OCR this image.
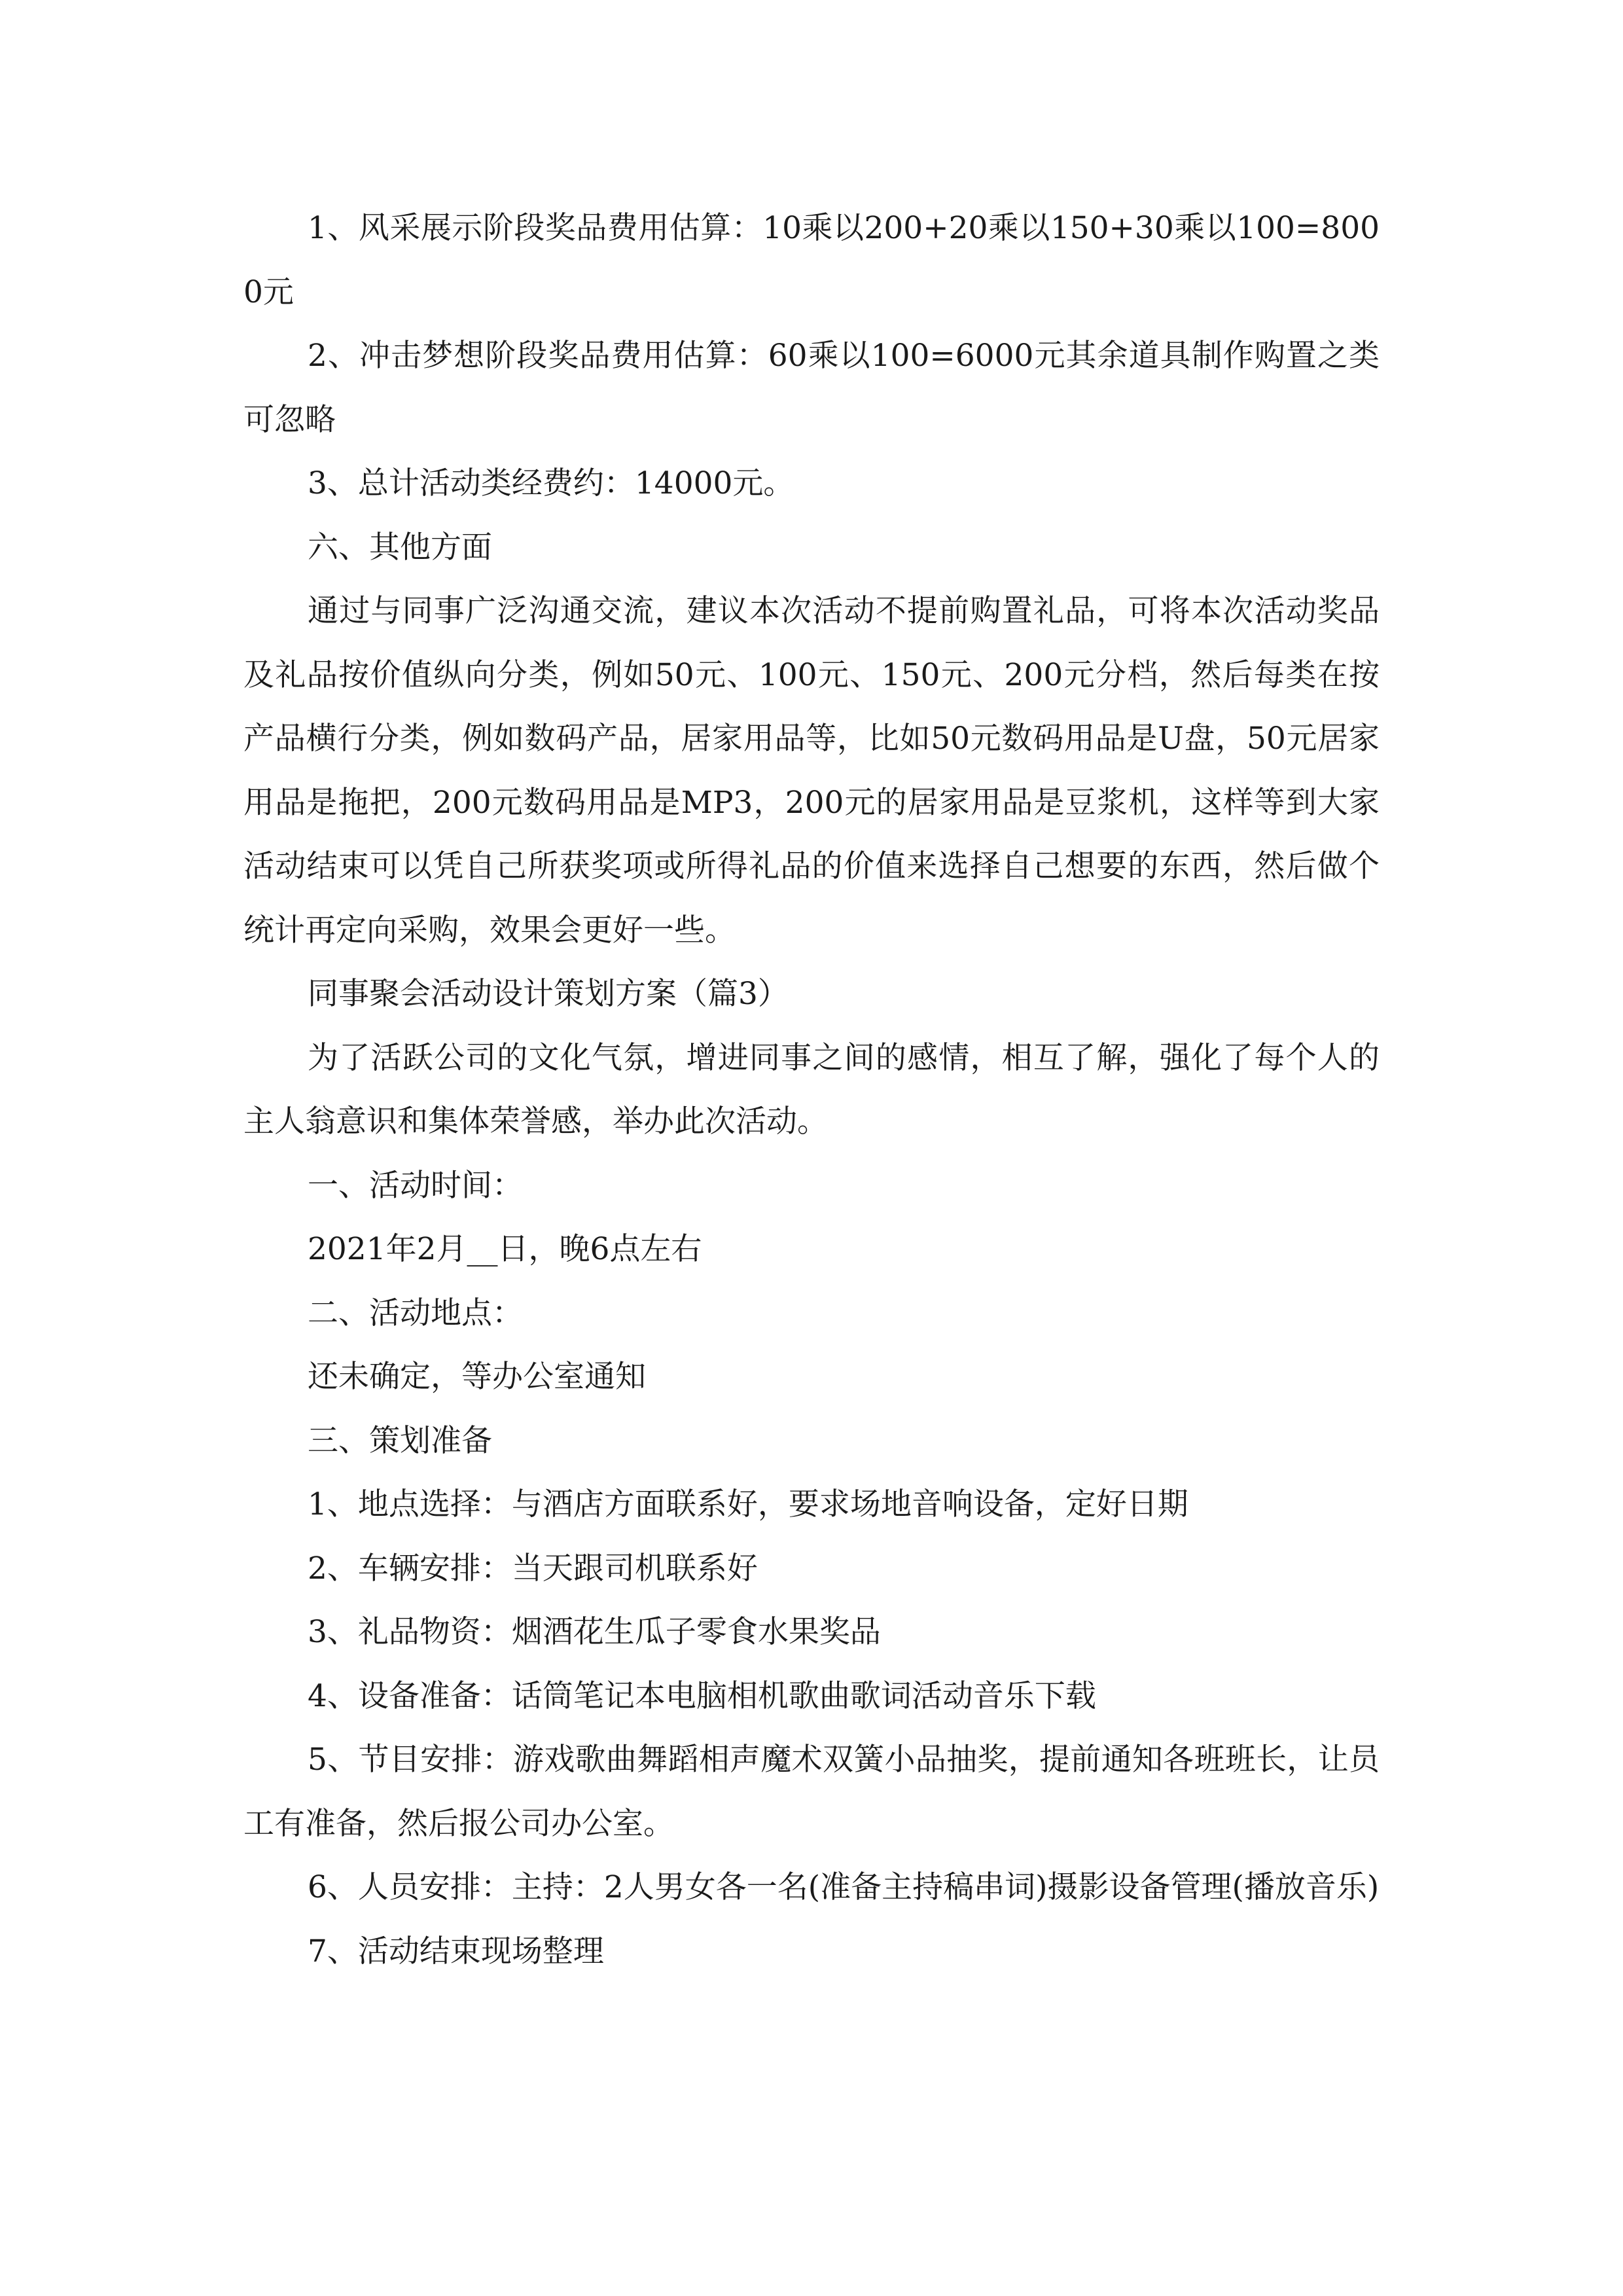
1、风采展示阶段奖品费用估算：10乘以200+20乘以150+30乘以100=8000元

2、冲击梦想阶段奖品费用估算：60乘以100=6000元其余道具制作购置之类可忽略

3、总计活动类经费约：14000元。

六、其他方面

通过与同事广泛沟通交流，建议本次活动不提前购置礼品，可将本次活动奖品及礼品按价值纵向分类，例如50元、100元、150元、200元分档，然后每类在按产品横行分类，例如数码产品，居家用品等，比如50元数码用品是U盘，50元居家用品是拖把，200元数码用品是MP3，200元的居家用品是豆浆机，这样等到大家活动结束可以凭自己所获奖项或所得礼品的价值来选择自己想要的东西，然后做个统计再定向采购，效果会更好一些。

同事聚会活动设计策划方案（篇3）

为了活跃公司的文化气氛，增进同事之间的感情，相互了解，强化了每个人的主人翁意识和集体荣誉感，举办此次活动。

一、活动时间：

2021年2月__日，晚6点左右

二、活动地点：

还未确定，等办公室通知

三、策划准备

1、地点选择：与酒店方面联系好，要求场地音响设备，定好日期

2、车辆安排：当天跟司机联系好

3、礼品物资：烟酒花生瓜子零食水果奖品

4、设备准备：话筒笔记本电脑相机歌曲歌词活动音乐下载

5、节目安排：游戏歌曲舞蹈相声魔术双簧小品抽奖，提前通知各班班长，让员工有准备，然后报公司办公室。

6、人员安排：主持：2人男女各一名(准备主持稿串词)摄影设备管理(播放音乐)

7、活动结束现场整理
